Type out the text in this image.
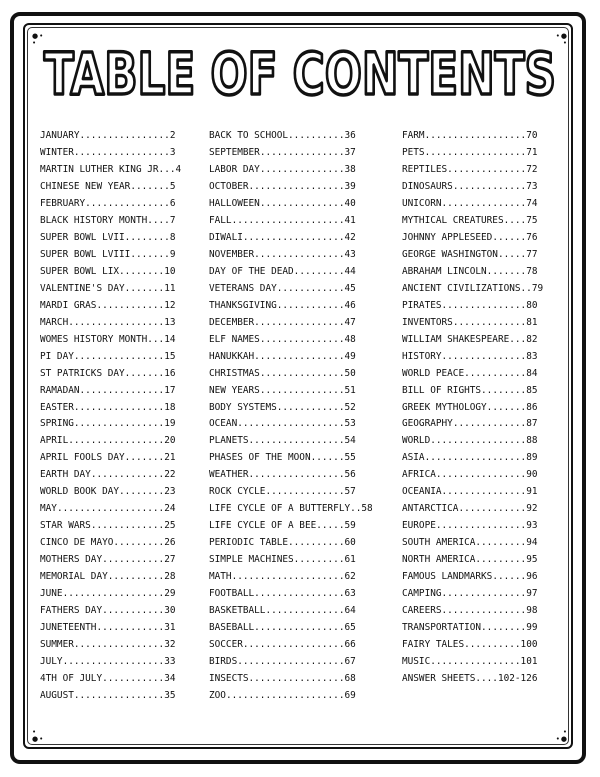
●•
•
•●
•
•
●•
•
•●
TABLE OF CONTENTS
JANUARY................2
WINTER.................3
MARTIN LUTHER KING JR...4
CHINESE NEW YEAR.......5
FEBRUARY...............6
BLACK HISTORY MONTH....7
SUPER BOWL LVII........8
SUPER BOWL LVIII.......9
SUPER BOWL LIX........10
VALENTINE'S DAY.......11
MARDI GRAS............12
MARCH.................13
WOMES HISTORY MONTH...14
PI DAY................15
ST PATRICKS DAY.......16
RAMADAN...............17
EASTER................18
SPRING................19
APRIL.................20
APRIL FOOLS DAY.......21
EARTH DAY.............22
WORLD BOOK DAY........23
MAY...................24
STAR WARS.............25
CINCO DE MAYO.........26
MOTHERS DAY...........27
MEMORIAL DAY..........28
JUNE..................29
FATHERS DAY...........30
JUNETEENTH............31
SUMMER................32
JULY..................33
4TH OF JULY...........34
AUGUST................35
BACK TO SCHOOL..........36
SEPTEMBER...............37
LABOR DAY...............38
OCTOBER.................39
HALLOWEEN...............40
FALL....................41
DIWALI..................42
NOVEMBER................43
DAY OF THE DEAD.........44
VETERANS DAY............45
THANKSGIVING............46
DECEMBER................47
ELF NAMES...............48
HANUKKAH................49
CHRISTMAS...............50
NEW YEARS...............51
BODY SYSTEMS............52
OCEAN...................53
PLANETS.................54
PHASES OF THE MOON......55
WEATHER.................56
ROCK CYCLE..............57
LIFE CYCLE OF A BUTTERFLY..58
LIFE CYCLE OF A BEE.....59
PERIODIC TABLE..........60
SIMPLE MACHINES.........61
MATH....................62
FOOTBALL................63
BASKETBALL..............64
BASEBALL................65
SOCCER..................66
BIRDS...................67
INSECTS.................68
ZOO.....................69
FARM..................70
PETS..................71
REPTILES..............72
DINOSAURS.............73
UNICORN...............74
MYTHICAL CREATURES....75
JOHNNY APPLESEED......76
GEORGE WASHINGTON.....77
ABRAHAM LINCOLN.......78
ANCIENT CIVILIZATIONS..79
PIRATES...............80
INVENTORS.............81
WILLIAM SHAKESPEARE...82
HISTORY...............83
WORLD PEACE...........84
BILL OF RIGHTS........85
GREEK MYTHOLOGY.......86
GEOGRAPHY.............87
WORLD.................88
ASIA..................89
AFRICA................90
OCEANIA...............91
ANTARCTICA............92
EUROPE................93
SOUTH AMERICA.........94
NORTH AMERICA.........95
FAMOUS LANDMARKS......96
CAMPING...............97
CAREERS...............98
TRANSPORTATION........99
FAIRY TALES..........100
MUSIC................101
ANSWER SHEETS....102-126
